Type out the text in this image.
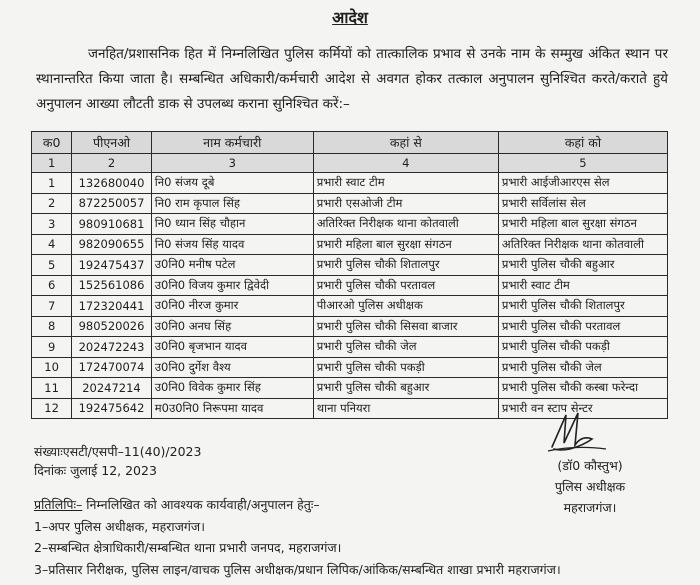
आदेश
जनहित/प्रशासनिक हित में निम्नलिखित पुलिस कर्मियों को तात्कालिक प्रभाव से उनके नाम के सम्मुख अंकित स्थान पर स्थानान्तरित किया जाता है। सम्बन्धित अधिकारी/कर्मचारी आदेश से अवगत होकर तत्काल अनुपालन सुनिश्चित करते/कराते हुये अनुपालन आख्या लौटती डाक से उपलब्ध कराना सुनिश्चित करें:–
क0	पीएनओ	नाम कर्मचारी	कहां से	कहां को
1	2	3	4	5
1	132680040	नि0 संजय दूबे	प्रभारी स्वाट टीम	प्रभारी आईजीआरएस सेल
2	872250057	नि0 राम कृपाल सिंह	प्रभारी एसओजी टीम	प्रभारी सर्विलांस सेल
3	980910681	नि0 ध्यान सिंह चौहान	अतिरिक्त निरीक्षक थाना कोतवाली	प्रभारी महिला बाल सुरक्षा संगठन
4	982090655	नि0 संजय सिंह यादव	प्रभारी महिला बाल सुरक्षा संगठन	अतिरिक्त निरीक्षक थाना कोतवाली
5	192475437	उ0नि0 मनीष पटेल	प्रभारी पुलिस चौकी शितालपुर	प्रभारी पुलिस चौकी बहुआर
6	152561086	उ0नि0 विजय कुमार द्विवेदी	प्रभारी पुलिस चौकी परतावल	प्रभारी स्वाट टीम
7	172320441	उ0नि0 नीरज कुमार	पीआरओ पुलिस अधीक्षक	प्रभारी पुलिस चौकी शितालपुर
8	980520026	उ0नि0 अनघ सिंह	प्रभारी पुलिस चौकी सिसवा बाजार	प्रभारी पुलिस चौकी परतावल
9	202472243	उ0नि0 बृजभान यादव	प्रभारी पुलिस चौकी जेल	प्रभारी पुलिस चौकी पकड़ी
10	172470074	उ0नि0 दुर्गेश वैश्य	प्रभारी पुलिस चौकी पकड़ी	प्रभारी पुलिस चौकी जेल
11	20247214	उ0नि0 विवेक कुमार सिंह	प्रभारी पुलिस चौकी बहुआर	प्रभारी पुलिस चौकी कस्बा फरेन्दा
12	192475642	म0उ0नि0 निरूपमा यादव	थाना पनियरा	प्रभारी वन स्टाप सेन्टर
संख्याःएसटी/एसपी–11(40)/2023
दिनांकः जुलाई 12, 2023	(डॉ0 कौस्तुभ)
पुलिस अधीक्षक
महराजगंज।
प्रतिलिपिः– निम्नलिखित को आवश्यक कार्यवाही/अनुपालन हेतुः–
1–अपर पुलिस अधीक्षक, महराजगंज।
2–सम्बन्धित क्षेत्राधिकारी/सम्बन्धित थाना प्रभारी जनपद, महराजगंज।
3–प्रतिसार निरीक्षक, पुलिस लाइन/वाचक पुलिस अधीक्षक/प्रधान लिपिक/आंकिक/सम्बन्धित शाखा प्रभारी महराजगंज।
